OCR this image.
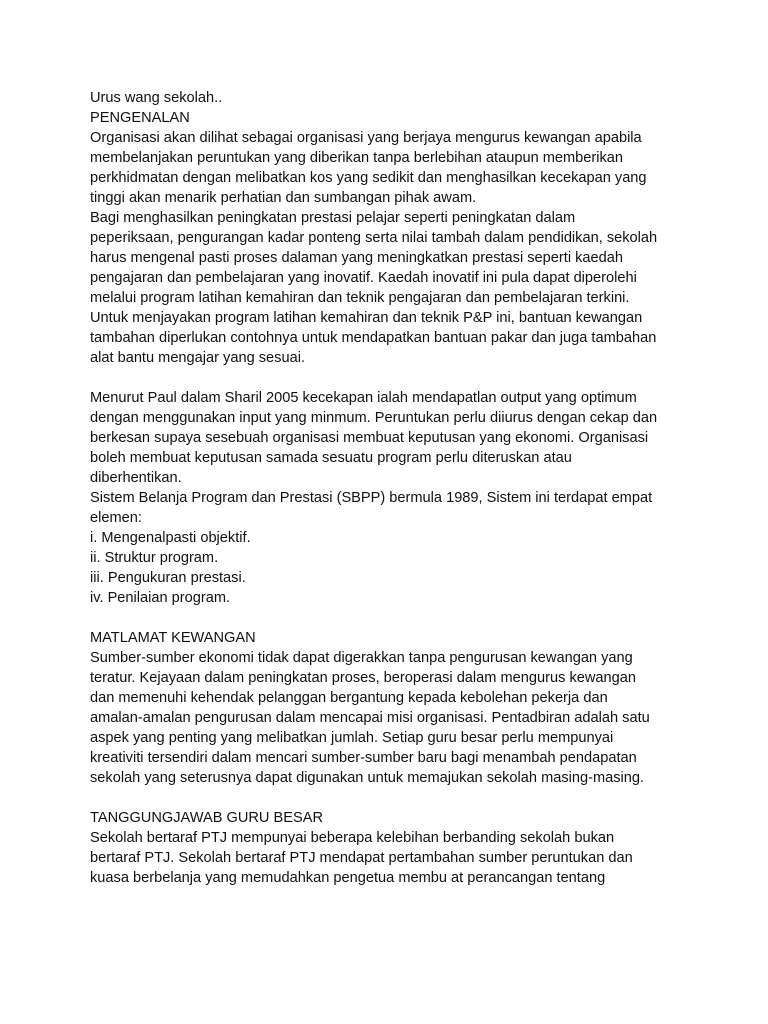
Urus wang sekolah..
PENGENALAN
Organisasi akan dilihat sebagai organisasi yang berjaya mengurus kewangan apabila
membelanjakan peruntukan yang diberikan tanpa berlebihan ataupun memberikan
perkhidmatan dengan melibatkan kos yang sedikit dan menghasilkan kecekapan yang
tinggi akan menarik perhatian dan sumbangan pihak awam.
Bagi menghasilkan peningkatan prestasi pelajar seperti peningkatan dalam
peperiksaan, pengurangan kadar ponteng serta nilai tambah dalam pendidikan, sekolah
harus mengenal pasti proses dalaman yang meningkatkan prestasi seperti kaedah
pengajaran dan pembelajaran yang inovatif. Kaedah inovatif ini pula dapat diperolehi
melalui program latihan kemahiran dan teknik pengajaran dan pembelajaran terkini.
Untuk menjayakan program latihan kemahiran dan teknik P&P ini, bantuan kewangan
tambahan diperlukan contohnya untuk mendapatkan bantuan pakar dan juga tambahan
alat bantu mengajar yang sesuai.
Menurut Paul dalam Sharil 2005 kecekapan ialah mendapatlan output yang optimum
dengan menggunakan input yang minmum. Peruntukan perlu diiurus dengan cekap dan
berkesan supaya sesebuah organisasi membuat keputusan yang ekonomi. Organisasi
boleh membuat keputusan samada sesuatu program perlu diteruskan atau
diberhentikan.
Sistem Belanja Program dan Prestasi (SBPP) bermula 1989, Sistem ini terdapat empat
elemen:
i. Mengenalpasti objektif.
ii. Struktur program.
iii. Pengukuran prestasi.
iv. Penilaian program.
MATLAMAT KEWANGAN
Sumber-sumber ekonomi tidak dapat digerakkan tanpa pengurusan kewangan yang
teratur. Kejayaan dalam peningkatan proses, beroperasi dalam mengurus kewangan
dan memenuhi kehendak pelanggan bergantung kepada kebolehan pekerja dan
amalan-amalan pengurusan dalam mencapai misi organisasi. Pentadbiran adalah satu
aspek yang penting yang melibatkan jumlah. Setiap guru besar perlu mempunyai
kreativiti tersendiri dalam mencari sumber-sumber baru bagi menambah pendapatan
sekolah yang seterusnya dapat digunakan untuk memajukan sekolah masing-masing.
TANGGUNGJAWAB GURU BESAR
Sekolah bertaraf PTJ mempunyai beberapa kelebihan berbanding sekolah bukan
bertaraf PTJ. Sekolah bertaraf PTJ mendapat pertambahan sumber peruntukan dan
kuasa berbelanja yang memudahkan pengetua membu at perancangan tentang
